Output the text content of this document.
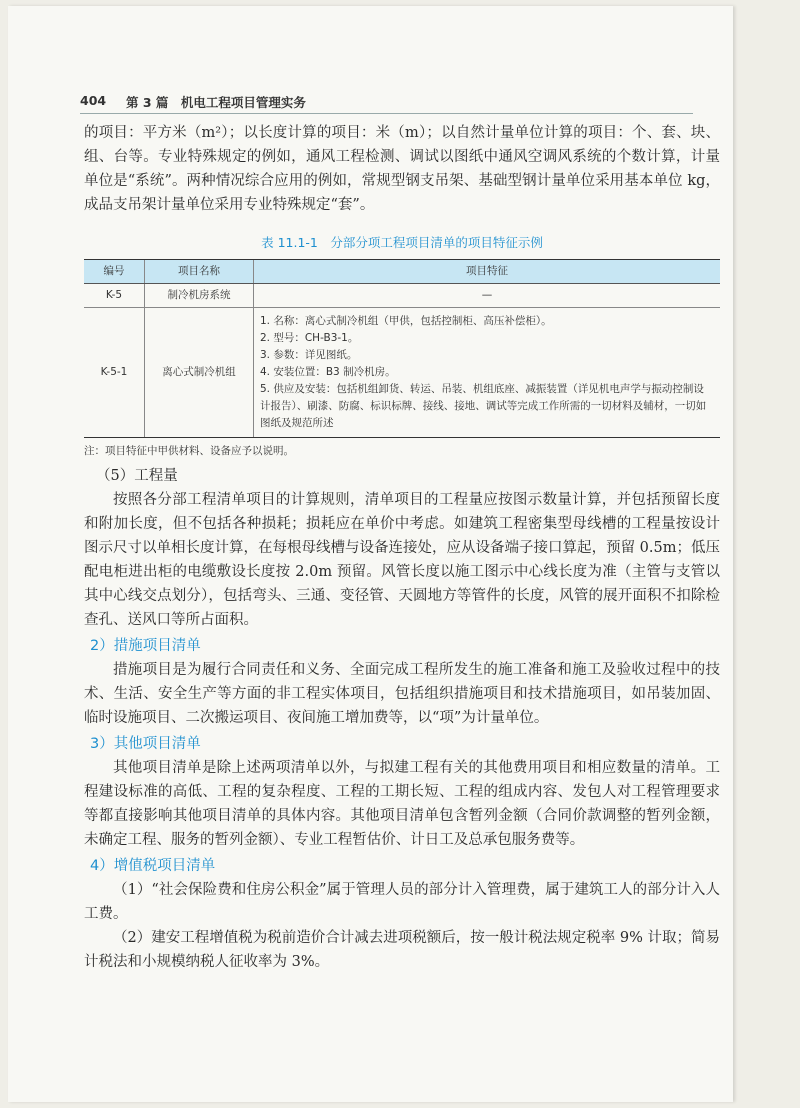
404 第 3 篇　机电工程项目管理实务

的项目：平方米（m²）；以长度计算的项目：米（m）；以自然计量单位计算的项目：个、套、块、组、台等。专业特殊规定的例如，通风工程检测、调试以图纸中通风空调风系统的个数计算，计量单位是“系统”。两种情况综合应用的例如，常规型钢支吊架、基础型钢计量单位采用基本单位 kg，成品支吊架计量单位采用专业特殊规定“套”。

表 11.1-1　分部分项工程项目清单的项目特征示例
编号	项目名称	项目特征
K-5	制冷机房系统	—
K-5-1	离心式制冷机组	1. 名称：离心式制冷机组（甲供，包括控制柜、高压补偿柜）。
2. 型号：CH-B3-1。
3. 参数：详见图纸。
4. 安装位置：B3 制冷机房。
5. 供应及安装：包括机组卸货、转运、吊装、机组底座、减振装置（详见机电声学与振动控制设计报告）、刷漆、防腐、标识标牌、接线、接地、调试等完成工作所需的一切材料及辅材，一切如图纸及规范所述
注：项目特征中甲供材料、设备应予以说明。

（5）工程量

按照各分部工程清单项目的计算规则，清单项目的工程量应按图示数量计算，并包括预留长度和附加长度，但不包括各种损耗；损耗应在单价中考虑。如建筑工程密集型母线槽的工程量按设计图示尺寸以单相长度计算，在每根母线槽与设备连接处，应从设备端子接口算起，预留 0.5m；低压配电柜进出柜的电缆敷设长度按 2.0m 预留。风管长度以施工图示中心线长度为准（主管与支管以其中心线交点划分），包括弯头、三通、变径管、天圆地方等管件的长度，风管的展开面积不扣除检查孔、送风口等所占面积。

2）措施项目清单

措施项目是为履行合同责任和义务、全面完成工程所发生的施工准备和施工及验收过程中的技术、生活、安全生产等方面的非工程实体项目，包括组织措施项目和技术措施项目，如吊装加固、临时设施项目、二次搬运项目、夜间施工增加费等，以“项”为计量单位。

3）其他项目清单

其他项目清单是除上述两项清单以外，与拟建工程有关的其他费用项目和相应数量的清单。工程建设标准的高低、工程的复杂程度、工程的工期长短、工程的组成内容、发包人对工程管理要求等都直接影响其他项目清单的具体内容。其他项目清单包含暂列金额（合同价款调整的暂列金额，未确定工程、服务的暂列金额）、专业工程暂估价、计日工及总承包服务费等。

4）增值税项目清单

（1）“社会保险费和住房公积金”属于管理人员的部分计入管理费，属于建筑工人的部分计入人工费。

（2）建安工程增值税为税前造价合计减去进项税额后，按一般计税法规定税率 9% 计取；简易计税法和小规模纳税人征收率为 3%。
